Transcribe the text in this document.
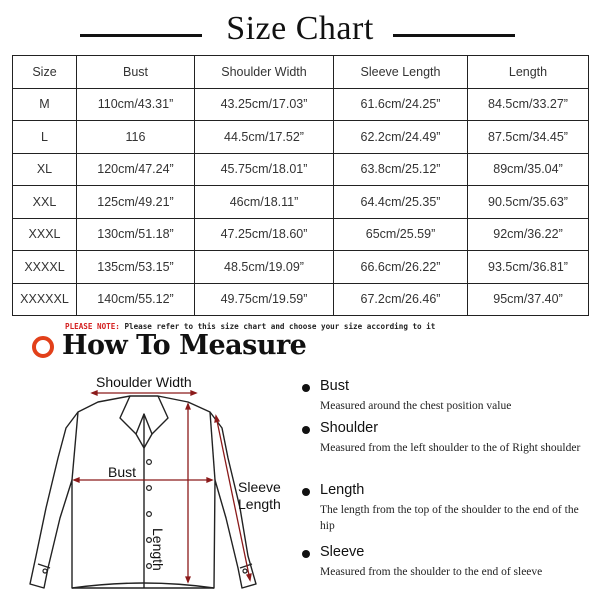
Size Chart
Size	Bust	Shoulder Width	Sleeve Length	Length
M	110cm/43.31”	43.25cm/17.03”	61.6cm/24.25”	84.5cm/33.27”
L	116	44.5cm/17.52”	62.2cm/24.49”	87.5cm/34.45”
XL	120cm/47.24”	45.75cm/18.01”	63.8cm/25.12”	89cm/35.04”
XXL	125cm/49.21”	46cm/18.11”	64.4cm/25.35”	90.5cm/35.63”
XXXL	130cm/51.18”	47.25cm/18.60”	65cm/25.59”	92cm/36.22”
XXXXL	135cm/53.15”	48.5cm/19.09”	66.6cm/26.22”	93.5cm/36.81”
XXXXXL	140cm/55.12”	49.75cm/19.59”	67.2cm/26.46”	95cm/37.40”
PLEASE NOTE: Please refer to this size chart and choose your size according to it
How To Measure
Shoulder Width
Bust
Sleeve
Length
Length
Bust
Measured around the chest position value
Shoulder
Measured from the left shoulder to the of Right shoulder
Length
The length from the top of the shoulder to the end of the hip
Sleeve
Measured from the shoulder to the end of sleeve
